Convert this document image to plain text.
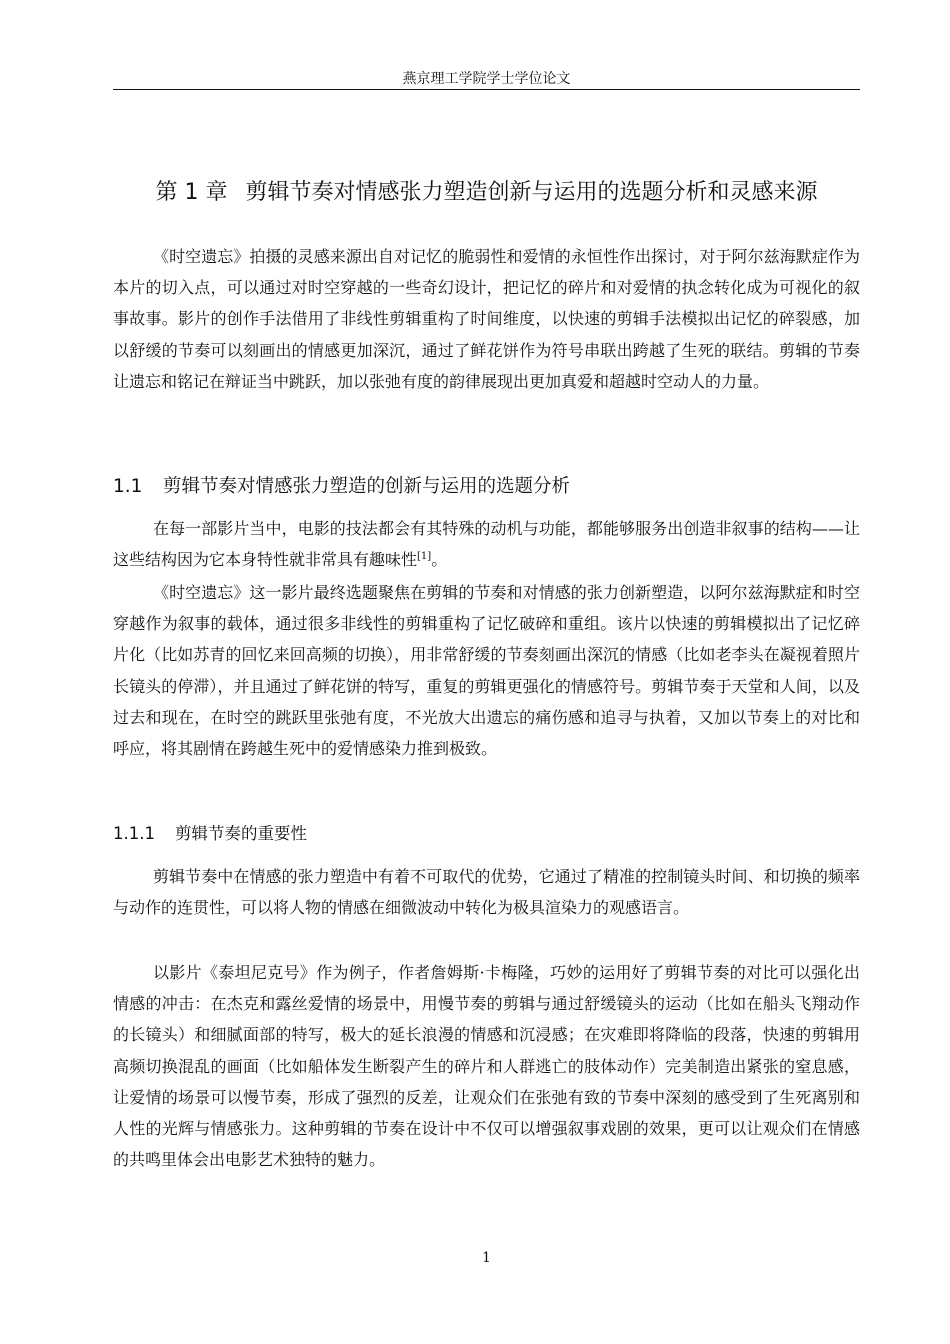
燕京理工学院学士学位论文
第 1 章 剪辑节奏对情感张力塑造创新与运用的选题分析和灵感来源

《时空遗忘》拍摄的灵感来源出自对记忆的脆弱性和爱情的永恒性作出探讨，对于阿尔兹海默症作为本片的切入点，可以通过对时空穿越的一些奇幻设计，把记忆的碎片和对爱情的执念转化成为可视化的叙事故事。影片的创作手法借用了非线性剪辑重构了时间维度，以快速的剪辑手法模拟出记忆的碎裂感，加以舒缓的节奏可以刻画出的情感更加深沉，通过了鲜花饼作为符号串联出跨越了生死的联结。剪辑的节奏让遗忘和铭记在辩证当中跳跃，加以张弛有度的韵律展现出更加真爱和超越时空动人的力量。

1.1 剪辑节奏对情感张力塑造的创新与运用的选题分析

在每一部影片当中，电影的技法都会有其特殊的动机与功能，都能够服务出创造非叙事的结构——让这些结构因为它本身特性就非常具有趣味性[1]。

《时空遗忘》这一影片最终选题聚焦在剪辑的节奏和对情感的张力创新塑造，以阿尔兹海默症和时空穿越作为叙事的载体，通过很多非线性的剪辑重构了记忆破碎和重组。该片以快速的剪辑模拟出了记忆碎片化（比如苏青的回忆来回高频的切换），用非常舒缓的节奏刻画出深沉的情感（比如老李头在凝视着照片长镜头的停滞），并且通过了鲜花饼的特写，重复的剪辑更强化的情感符号。剪辑节奏于天堂和人间，以及过去和现在，在时空的跳跃里张弛有度，不光放大出遗忘的痛伤感和追寻与执着，又加以节奏上的对比和呼应，将其剧情在跨越生死中的爱情感染力推到极致。

1.1.1 剪辑节奏的重要性

剪辑节奏中在情感的张力塑造中有着不可取代的优势，它通过了精准的控制镜头时间、和切换的频率与动作的连贯性，可以将人物的情感在细微波动中转化为极具渲染力的观感语言。

以影片《泰坦尼克号》作为例子，作者詹姆斯·卡梅隆，巧妙的运用好了剪辑节奏的对比可以强化出情感的冲击：在杰克和露丝爱情的场景中，用慢节奏的剪辑与通过舒缓镜头的运动（比如在船头飞翔动作的长镜头）和细腻面部的特写，极大的延长浪漫的情感和沉浸感；在灾难即将降临的段落，快速的剪辑用高频切换混乱的画面（比如船体发生断裂产生的碎片和人群逃亡的肢体动作）完美制造出紧张的窒息感，让爱情的场景可以慢节奏，形成了强烈的反差，让观众们在张弛有致的节奏中深刻的感受到了生死离别和人性的光辉与情感张力。这种剪辑的节奏在设计中不仅可以增强叙事戏剧的效果，更可以让观众们在情感的共鸣里体会出电影艺术独特的魅力。

1
